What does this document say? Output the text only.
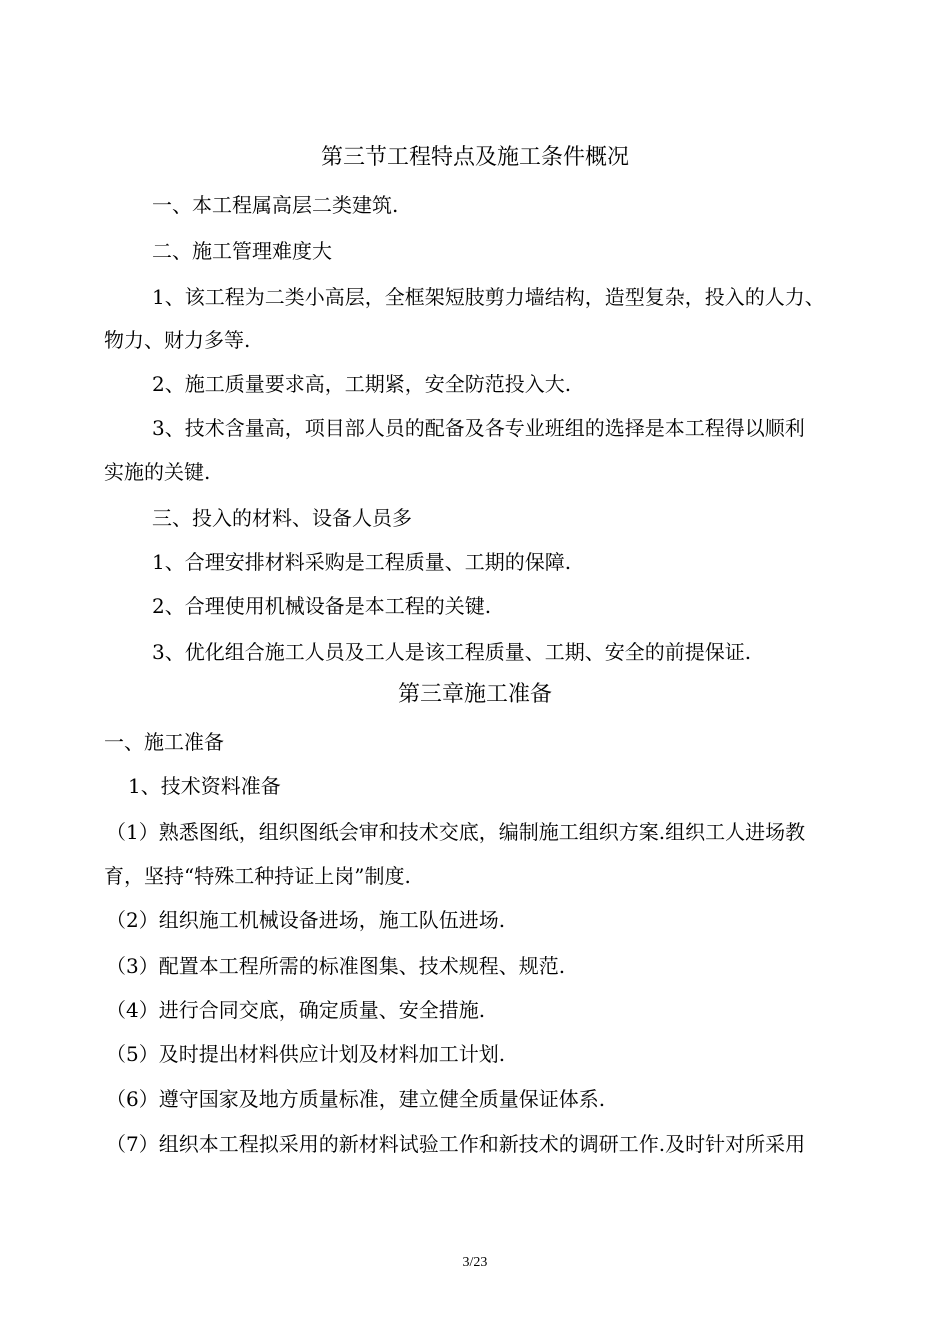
第三节工程特点及施工条件概况
一、本工程属高层二类建筑.
二、施工管理难度大
1、该工程为二类小高层，全框架短肢剪力墙结构，造型复杂，投入的人力、
物力、财力多等.
2、施工质量要求高，工期紧，安全防范投入大.
3、技术含量高，项目部人员的配备及各专业班组的选择是本工程得以顺利
实施的关键.
三、投入的材料、设备人员多
1、合理安排材料采购是工程质量、工期的保障.
2、合理使用机械设备是本工程的关键.
3、优化组合施工人员及工人是该工程质量、工期、安全的前提保证.
第三章施工准备
一、施工准备
1、技术资料准备
（1）熟悉图纸，组织图纸会审和技术交底，编制施工组织方案.组织工人进场教
育，坚持“特殊工种持证上岗”制度.
（2）组织施工机械设备进场，施工队伍进场.
（3）配置本工程所需的标准图集、技术规程、规范.
（4）进行合同交底，确定质量、安全措施.
（5）及时提出材料供应计划及材料加工计划.
（6）遵守国家及地方质量标准，建立健全质量保证体系.
（7）组织本工程拟采用的新材料试验工作和新技术的调研工作.及时针对所采用
3/23
